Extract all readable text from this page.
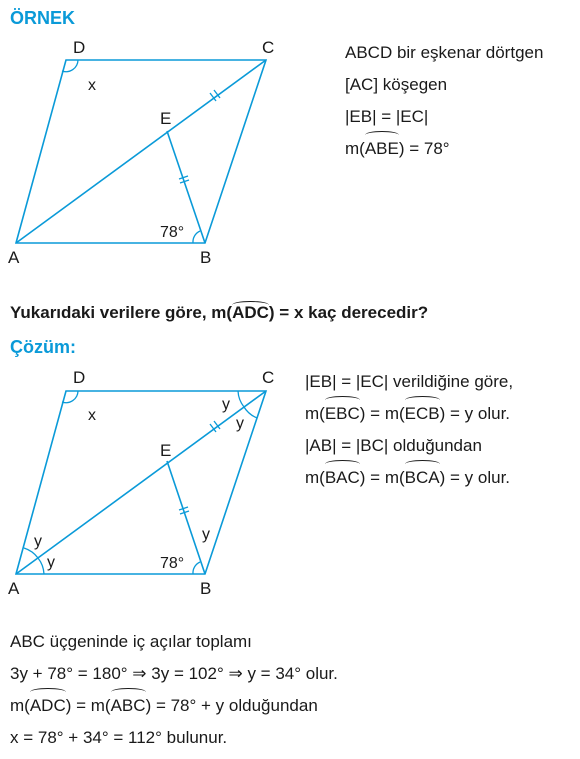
ÖRNEK
D	C
E
A	B
x
78°
ABCD bir eşkenar dörtgen
[AC] köşegen
|EB| = |EC|
m(ABE) = 78°
Yukarıdaki verilere göre, m(ADC) = x kaç derecedir?
Çözüm:
D	C
E
A	B
x
78°
y
y
y
y
y
|EB| = |EC| verildiğine göre,
m(EBC) = m(ECB) = y olur.
|AB| = |BC| olduğundan
m(BAC) = m(BCA) = y olur.
ABC üçgeninde iç açılar toplamı
3y + 78° = 180° ⇒ 3y = 102° ⇒ y = 34° olur.
m(ADC) = m(ABC) = 78° + y olduğundan
x = 78° + 34° = 112° bulunur.
